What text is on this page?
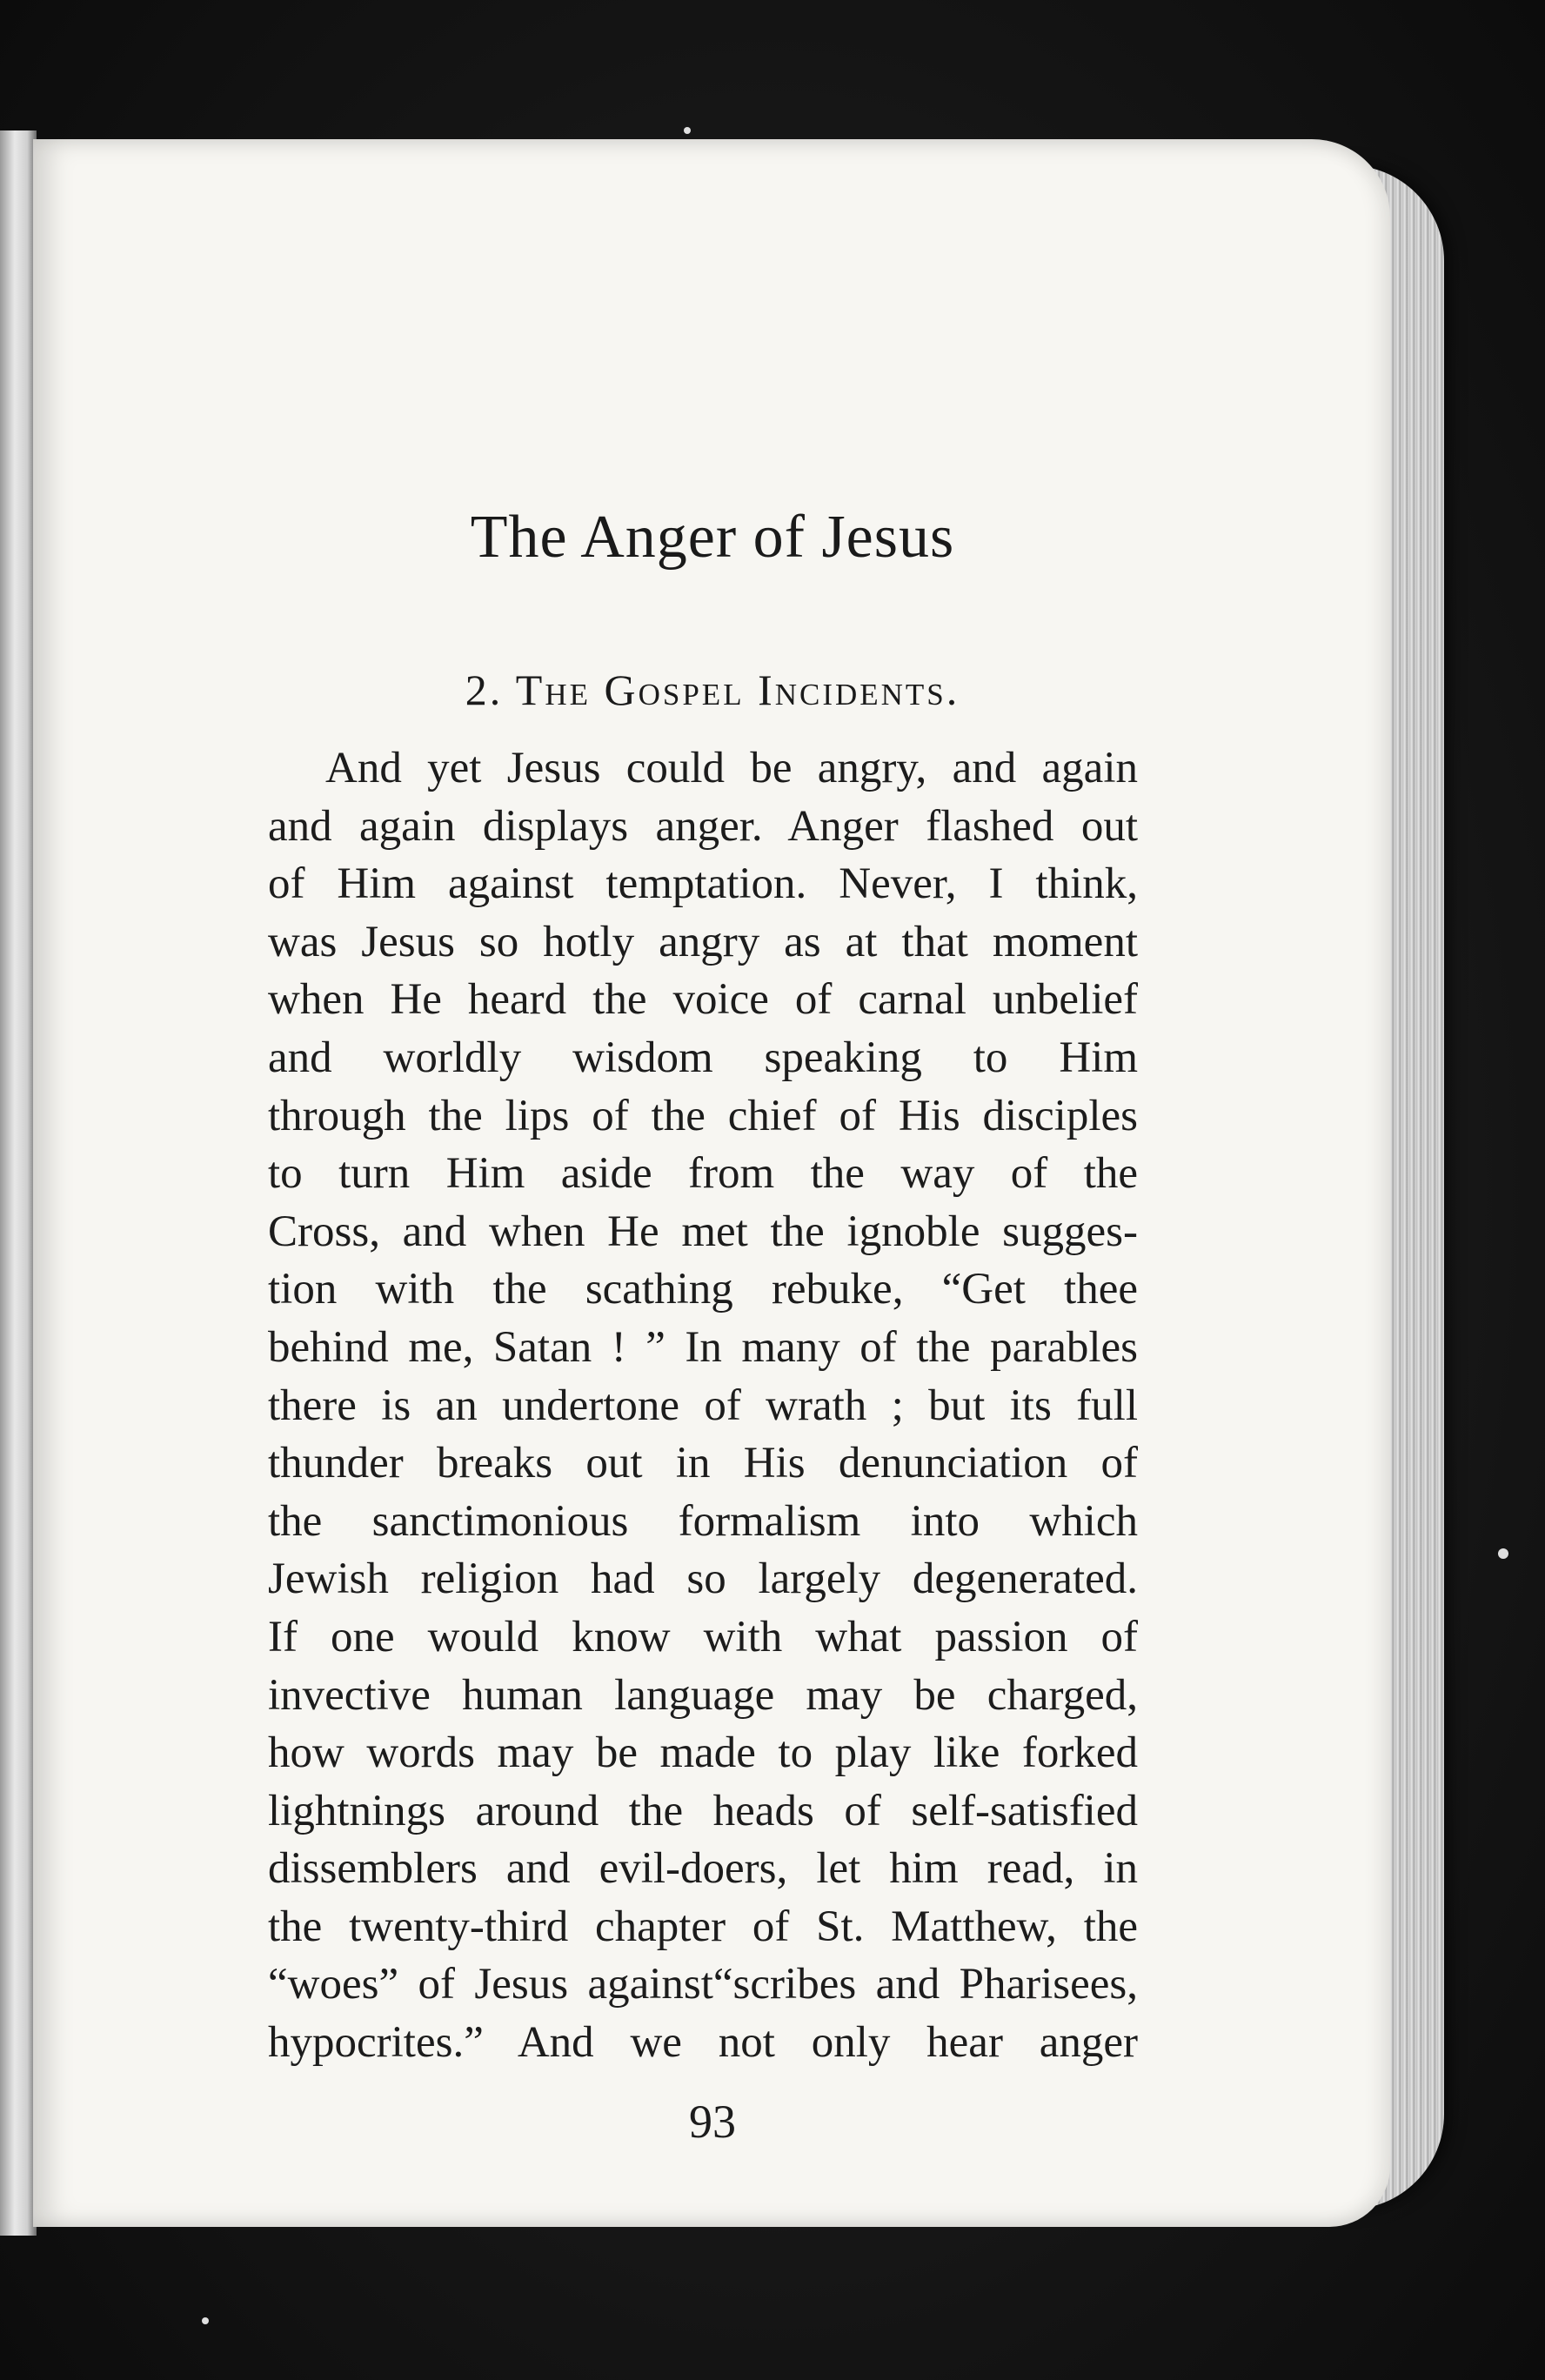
The Anger of Jesus
2. The Gospel Incidents.
And yet Jesus could be angry, and again
and again displays anger. Anger flashed out
of Him against temptation. Never, I think,
was Jesus so hotly angry as at that moment
when He heard the voice of carnal unbelief
and worldly wisdom speaking to Him
through the lips of the chief of His disciples
to turn Him aside from the way of the
Cross, and when He met the ignoble sugges-
tion with the scathing rebuke, “Get thee
behind me, Satan ! ” In many of the parables
there is an undertone of wrath ; but its full
thunder breaks out in His denunciation of
the sanctimonious formalism into which
Jewish religion had so largely degenerated.
If one would know with what passion of
invective human language may be charged,
how words may be made to play like forked
lightnings around the heads of self-satisfied
dissemblers and evil-doers, let him read, in
the twenty-third chapter of St. Matthew, the
“woes” of Jesus against“scribes and Pharisees,
hypocrites.” And we not only hear anger
93
